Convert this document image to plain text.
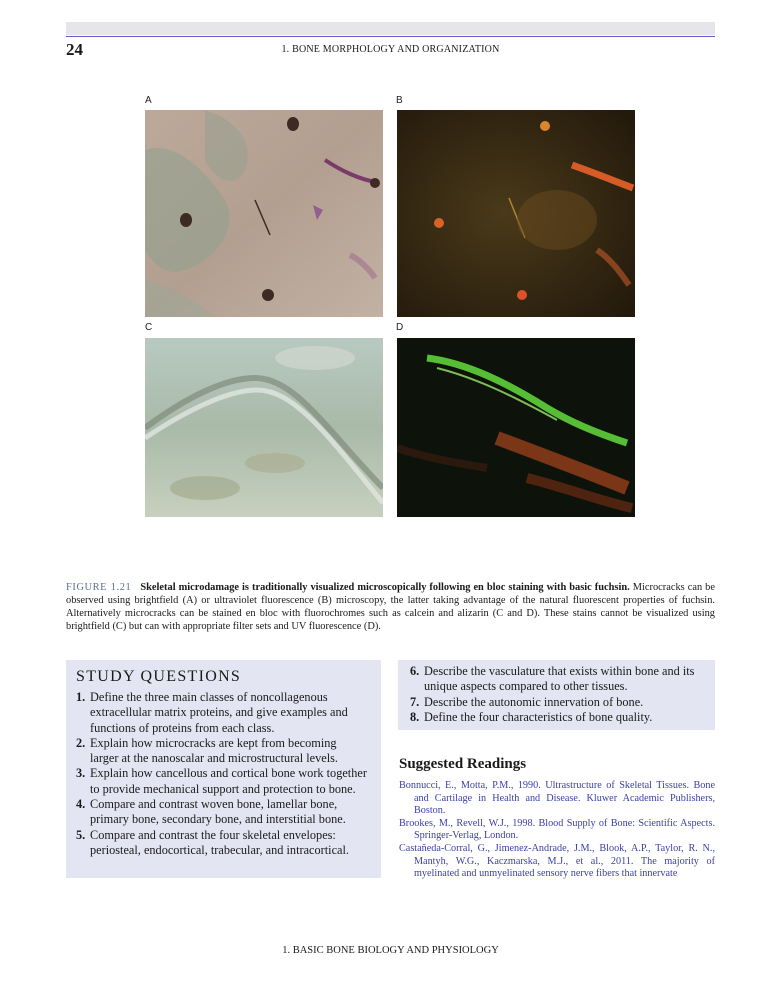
24	1. BONE MORPHOLOGY AND ORGANIZATION
A	B
C	D
FIGURE 1.21 Skeletal microdamage is traditionally visualized microscopically following en bloc staining with basic fuchsin. Microcracks can be observed using brightfield (A) or ultraviolet fluorescence (B) microscopy, the latter taking advantage of the natural fluorescent properties of fuchsin. Alternatively microcracks can be stained en bloc with fluorochromes such as calcein and alizarin (C and D). These stains cannot be visualized using brightfield (C) but can with appropriate filter sets and UV fluorescence (D).
STUDY QUESTIONS
1. Define the three main classes of noncollagenous extracellular matrix proteins, and give examples and functions of proteins from each class.
2. Explain how microcracks are kept from becoming larger at the nanoscalar and microstructural levels.
3. Explain how cancellous and cortical bone work together to provide mechanical support and protection to bone.
4. Compare and contrast woven bone, lamellar bone, primary bone, secondary bone, and interstitial bone.
5. Compare and contrast the four skeletal envelopes: periosteal, endocortical, trabecular, and intracortical.
6. Describe the vasculature that exists within bone and its unique aspects compared to other tissues.
7. Describe the autonomic innervation of bone.
8. Define the four characteristics of bone quality.
Suggested Readings
Bonnucci, E., Motta, P.M., 1990. Ultrastructure of Skeletal Tissues. Bone and Cartilage in Health and Disease. Kluwer Academic Publishers, Boston.
Brookes, M., Revell, W.J., 1998. Blood Supply of Bone: Scientific Aspects. Springer-Verlag, London.
Castañeda-Corral, G., Jimenez-Andrade, J.M., Blook, A.P., Taylor, R. N., Mantyh, W.G., Kaczmarska, M.J., et al., 2011. The majority of myelinated and unmyelinated sensory nerve fibers that innervate
1. BASIC BONE BIOLOGY AND PHYSIOLOGY
